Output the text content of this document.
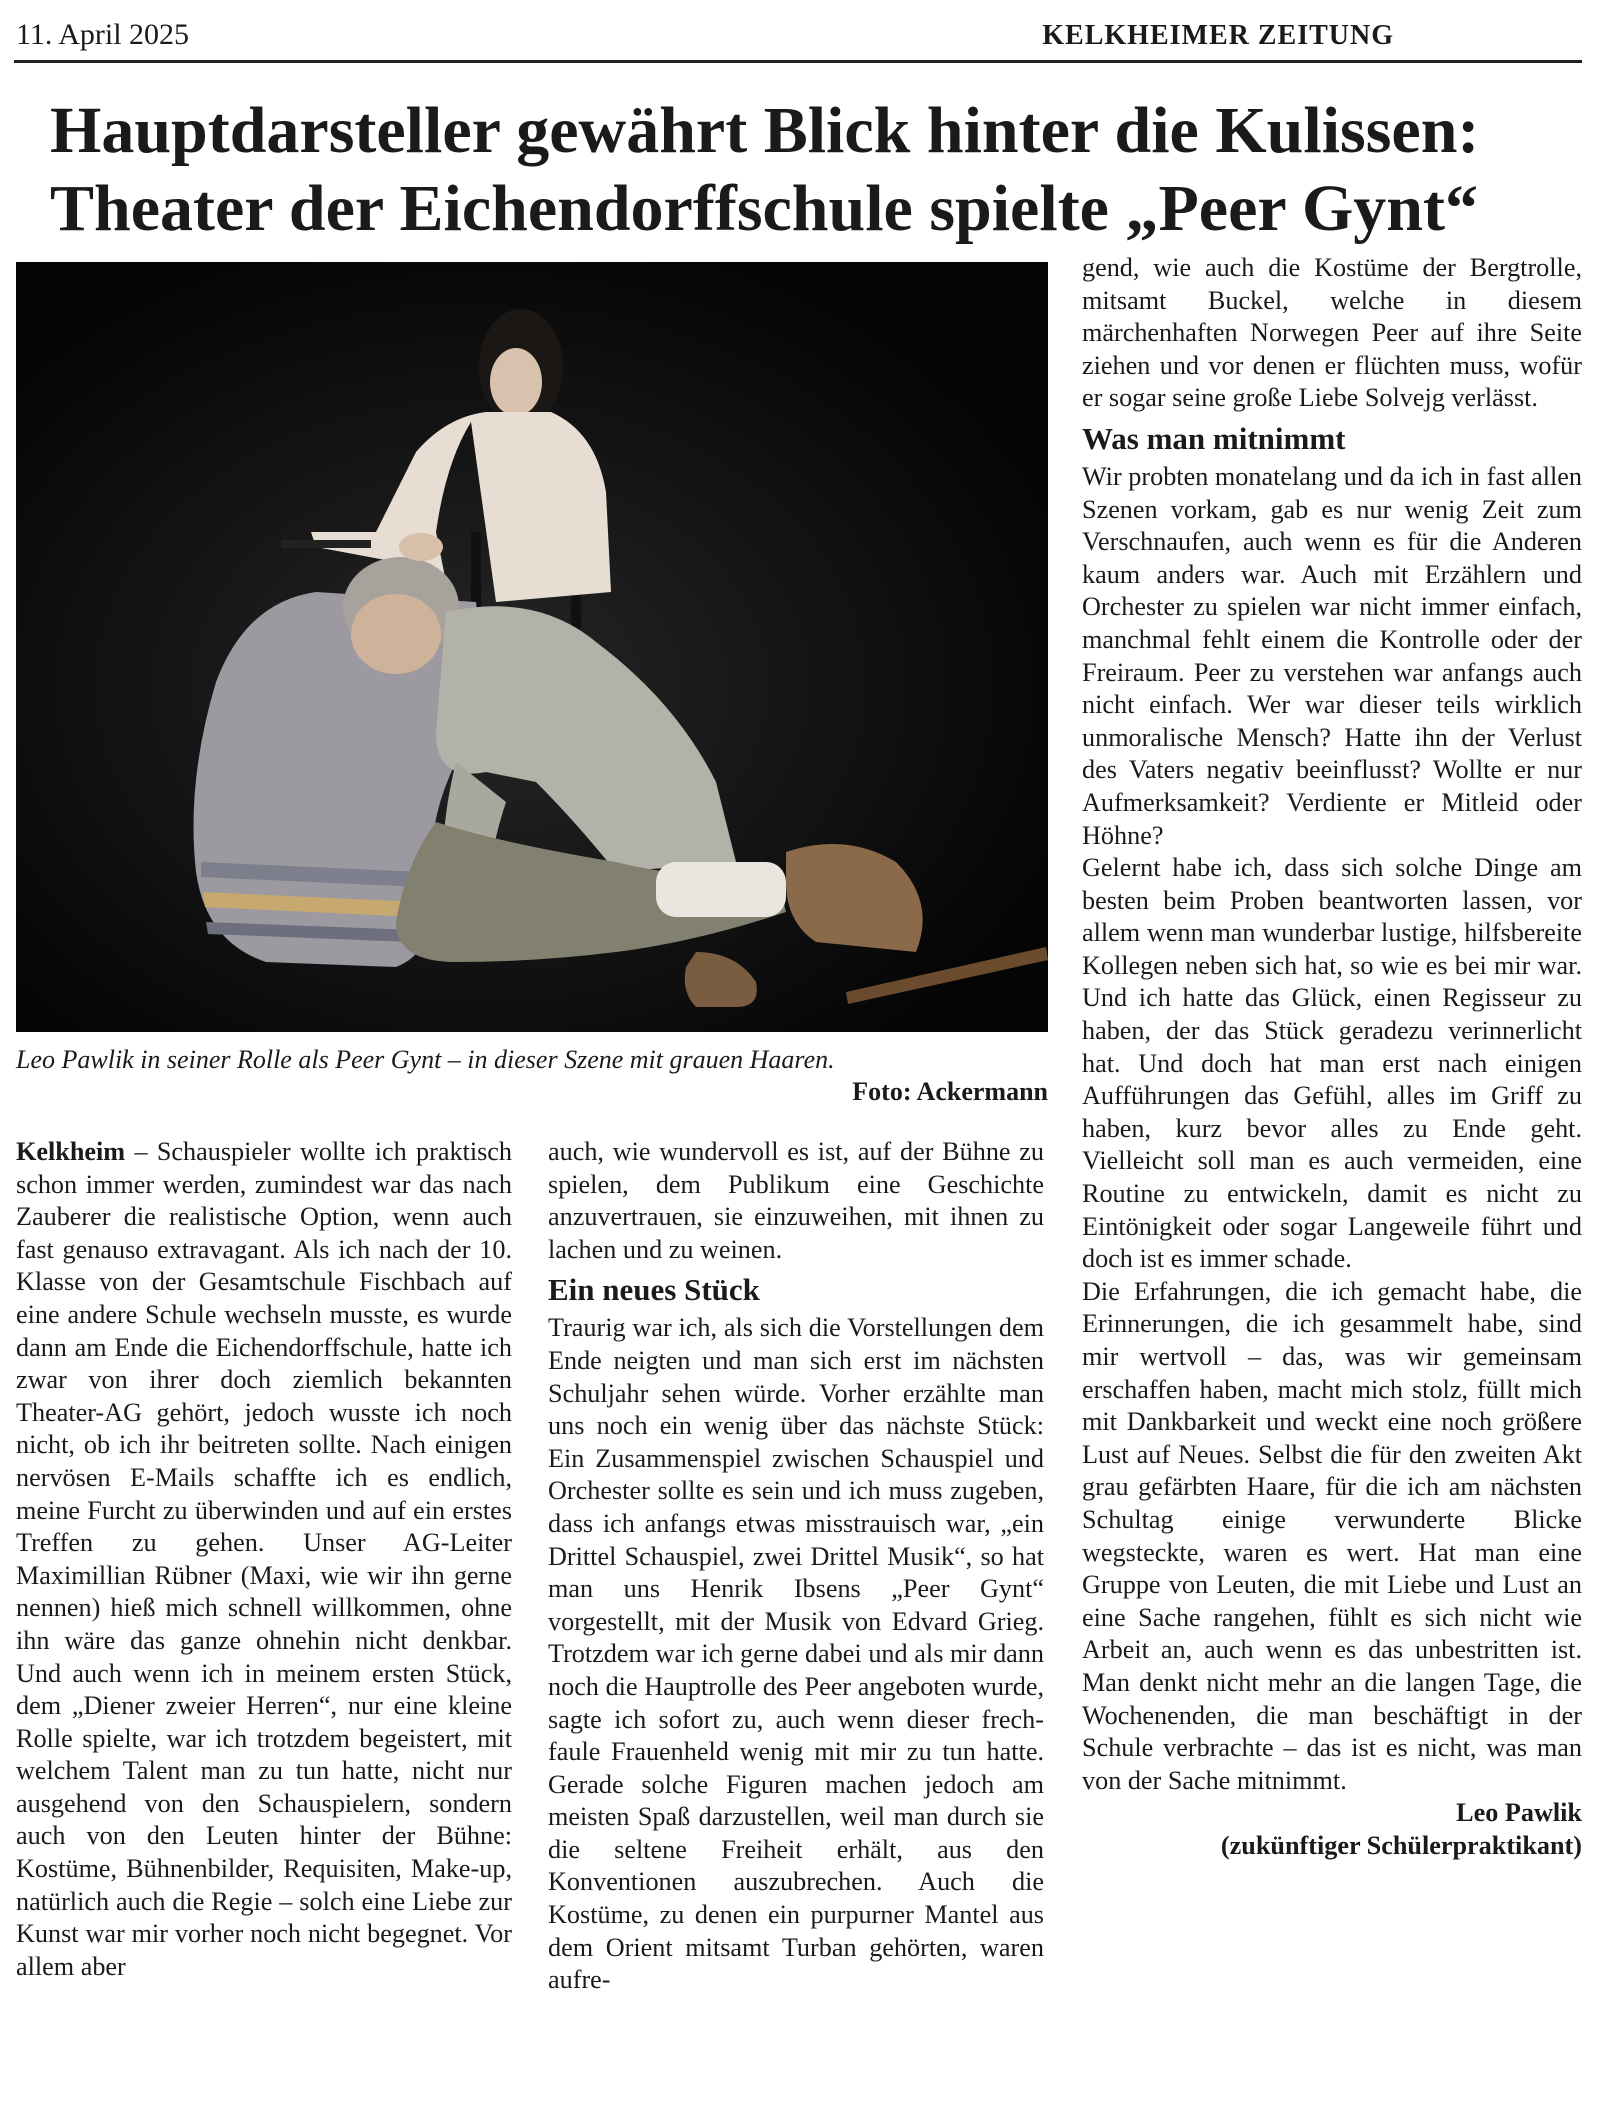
11. April 2025	KELKHEIMER ZEITUNG
Hauptdarsteller gewährt Blick hinter die Kulissen:
Theater der Eichendorffschule spielte „Peer Gynt“

Leo Pawlik in seiner Rolle als Peer Gynt – in dieser Szene mit grauen Haaren.

Foto: Ackermann

Kelkheim – Schauspieler wollte ich praktisch schon immer werden, zumindest war das nach Zauberer die realistische Option, wenn auch fast genauso extravagant. Als ich nach der 10. Klasse von der Gesamtschule Fischbach auf eine andere Schule wechseln musste, es wurde dann am Ende die Eichendorffschule, hatte ich zwar von ihrer doch ziemlich bekannten Theater-AG gehört, jedoch wusste ich noch nicht, ob ich ihr beitreten sollte. Nach einigen nervösen E-Mails schaffte ich es endlich, meine Furcht zu überwinden und auf ein erstes Treffen zu gehen. Unser AG-Leiter Maximillian Rübner (Maxi, wie wir ihn gerne nennen) hieß mich schnell willkommen, ohne ihn wäre das ganze ohnehin nicht denkbar. Und auch wenn ich in meinem ersten Stück, dem „Diener zweier Herren“, nur eine kleine Rolle spielte, war ich trotzdem begeistert, mit welchem Talent man zu tun hatte, nicht nur ausgehend von den Schauspielern, sondern auch von den Leuten hinter der Bühne: Kostüme, Bühnenbilder, Requisiten, Make-up, natürlich auch die Regie – solch eine Liebe zur Kunst war mir vorher noch nicht begegnet. Vor allem aber

auch, wie wundervoll es ist, auf der Bühne zu spielen, dem Publikum eine Geschichte anzuvertrauen, sie einzuweihen, mit ihnen zu lachen und zu weinen.

Ein neues Stück

Traurig war ich, als sich die Vorstellungen dem Ende neigten und man sich erst im nächsten Schuljahr sehen würde. Vorher erzählte man uns noch ein wenig über das nächste Stück: Ein Zusammenspiel zwischen Schauspiel und Orchester sollte es sein und ich muss zugeben, dass ich anfangs etwas misstrauisch war, „ein Drittel Schauspiel, zwei Drittel Musik“, so hat man uns Henrik Ibsens „Peer Gynt“ vorgestellt, mit der Musik von Edvard Grieg. Trotzdem war ich gerne dabei und als mir dann noch die Hauptrolle des Peer angeboten wurde, sagte ich sofort zu, auch wenn dieser frech-faule Frauenheld wenig mit mir zu tun hatte. Gerade solche Figuren machen jedoch am meisten Spaß darzustellen, weil man durch sie die seltene Freiheit erhält, aus den Konventionen auszubrechen. Auch die Kostüme, zu denen ein purpurner Mantel aus dem Orient mitsamt Turban gehörten, waren aufre-

gend, wie auch die Kostüme der Bergtrolle, mitsamt Buckel, welche in diesem märchenhaften Norwegen Peer auf ihre Seite ziehen und vor denen er flüchten muss, wofür er sogar seine große Liebe Solvejg verlässt.

Was man mitnimmt

Wir probten monatelang und da ich in fast allen Szenen vorkam, gab es nur wenig Zeit zum Verschnaufen, auch wenn es für die Anderen kaum anders war. Auch mit Erzählern und Orchester zu spielen war nicht immer einfach, manchmal fehlt einem die Kontrolle oder der Freiraum. Peer zu verstehen war anfangs auch nicht einfach. Wer war dieser teils wirklich unmoralische Mensch? Hatte ihn der Verlust des Vaters negativ beeinflusst? Wollte er nur Aufmerksamkeit? Verdiente er Mitleid oder Höhne?

Gelernt habe ich, dass sich solche Dinge am besten beim Proben beantworten lassen, vor allem wenn man wunderbar lustige, hilfsbereite Kollegen neben sich hat, so wie es bei mir war. Und ich hatte das Glück, einen Regisseur zu haben, der das Stück geradezu verinnerlicht hat. Und doch hat man erst nach einigen Aufführungen das Gefühl, alles im Griff zu haben, kurz bevor alles zu Ende geht. Vielleicht soll man es auch vermeiden, eine Routine zu entwickeln, damit es nicht zu Eintönigkeit oder sogar Langeweile führt und doch ist es immer schade.

Die Erfahrungen, die ich gemacht habe, die Erinnerungen, die ich gesammelt habe, sind mir wertvoll – das, was wir gemeinsam erschaffen haben, macht mich stolz, füllt mich mit Dankbarkeit und weckt eine noch größere Lust auf Neues. Selbst die für den zweiten Akt grau gefärbten Haare, für die ich am nächsten Schultag einige verwunderte Blicke wegsteckte, waren es wert. Hat man eine Gruppe von Leuten, die mit Liebe und Lust an eine Sache rangehen, fühlt es sich nicht wie Arbeit an, auch wenn es das unbestritten ist. Man denkt nicht mehr an die langen Tage, die Wochenenden, die man beschäftigt in der Schule verbrachte – das ist es nicht, was man von der Sache mitnimmt.

Leo Pawlik

(zukünftiger Schülerpraktikant)
